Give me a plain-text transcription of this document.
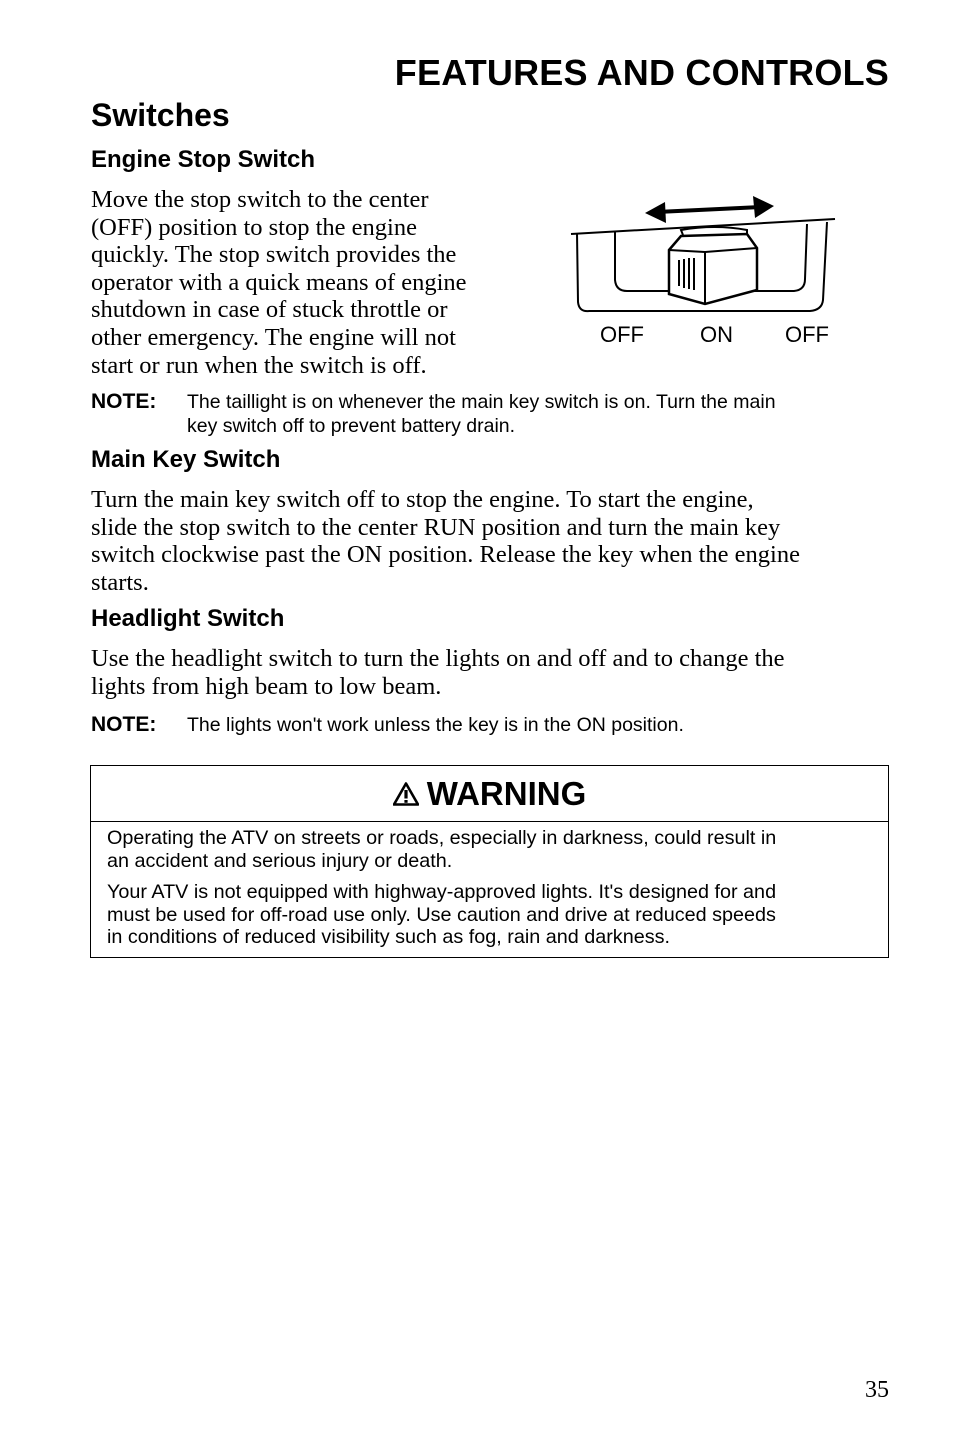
FEATURES AND CONTROLS
Switches
Engine Stop Switch
Move the stop switch to the center
(OFF) position to stop the engine
quickly. The stop switch provides the
operator with a quick means of engine
shutdown in case of stuck throttle or
other emergency. The engine will not
start or run when the switch is off.
OFF	ON OFF
NOTE:	The taillight is on whenever the main key switch is on. Turn the main
key switch off to prevent battery drain.
Main Key Switch
Turn the main key switch off to stop the engine. To start the engine,
slide the stop switch to the center RUN position and turn the main key
switch clockwise past the ON position. Release the key when the engine
starts.
Headlight Switch
Use the headlight switch to turn the lights on and off and to change the
lights from high beam to low beam.
NOTE:	The lights won't work unless the key is in the ON position.
WARNING

Operating the ATV on streets or roads, especially in darkness, could result in
an accident and serious injury or death.

Your ATV is not equipped with highway-approved lights. It's designed for and
must be used for off-road use only. Use caution and drive at reduced speeds
in conditions of reduced visibility such as fog, rain and darkness.

35
